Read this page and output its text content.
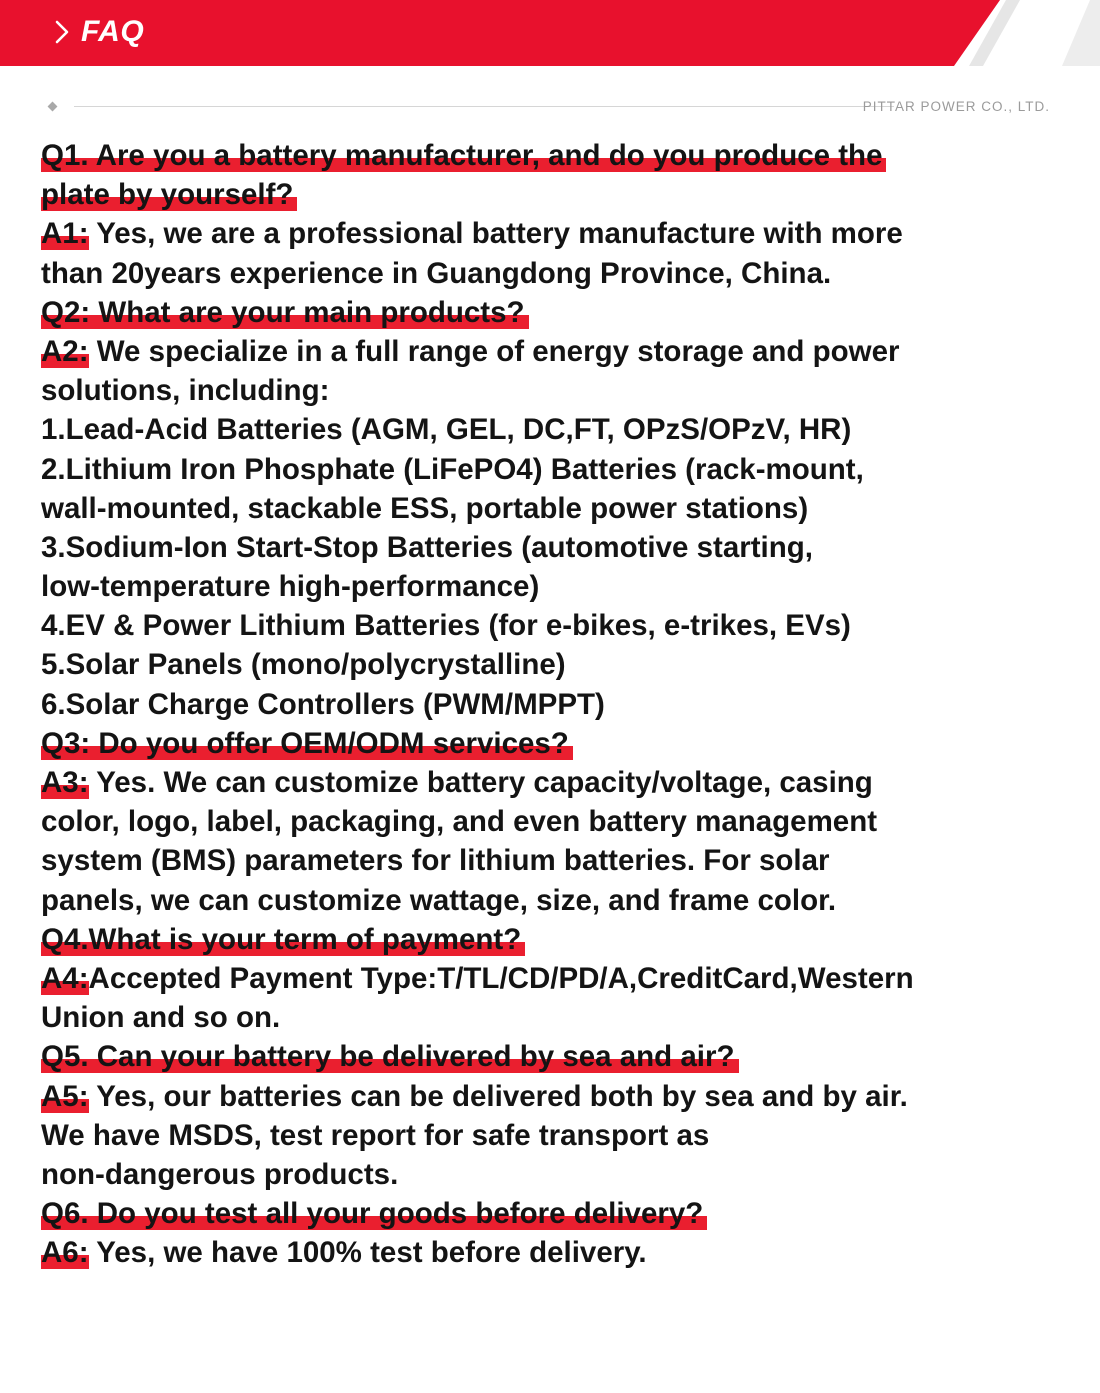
FAQ
PITTAR POWER CO., LTD.

Q1. Are you a battery manufacturer, and do you produce the

plate by yourself?

A1: Yes, we are a professional battery manufacture with more

than 20years experience in Guangdong Province, China.

Q2: What are your main products?

A2: We specialize in a full range of energy storage and power

solutions, including:

1.Lead-Acid Batteries (AGM, GEL, DC,FT, OPzS/OPzV, HR)

2.Lithium Iron Phosphate (LiFePO4) Batteries (rack-mount,

wall-mounted, stackable ESS, portable power stations)

3.Sodium-Ion Start-Stop Batteries (automotive starting,

low-temperature high-performance)

4.EV & Power Lithium Batteries (for e-bikes, e-trikes, EVs)

5.Solar Panels (mono/polycrystalline)

6.Solar Charge Controllers (PWM/MPPT)

Q3: Do you offer OEM/ODM services?

A3: Yes. We can customize battery capacity/voltage, casing

color, logo, label, packaging, and even battery management

system (BMS) parameters for lithium batteries. For solar

panels, we can customize wattage, size, and frame color.

Q4.What is your term of payment?

A4:Accepted Payment Type:T/TL/CD/PD/A,CreditCard,Western

Union and so on.

Q5. Can your battery be delivered by sea and air?

A5: Yes, our batteries can be delivered both by sea and by air.

We have MSDS, test report for safe transport as

non-dangerous products.

Q6. Do you test all your goods before delivery?

A6: Yes, we have 100% test before delivery.
